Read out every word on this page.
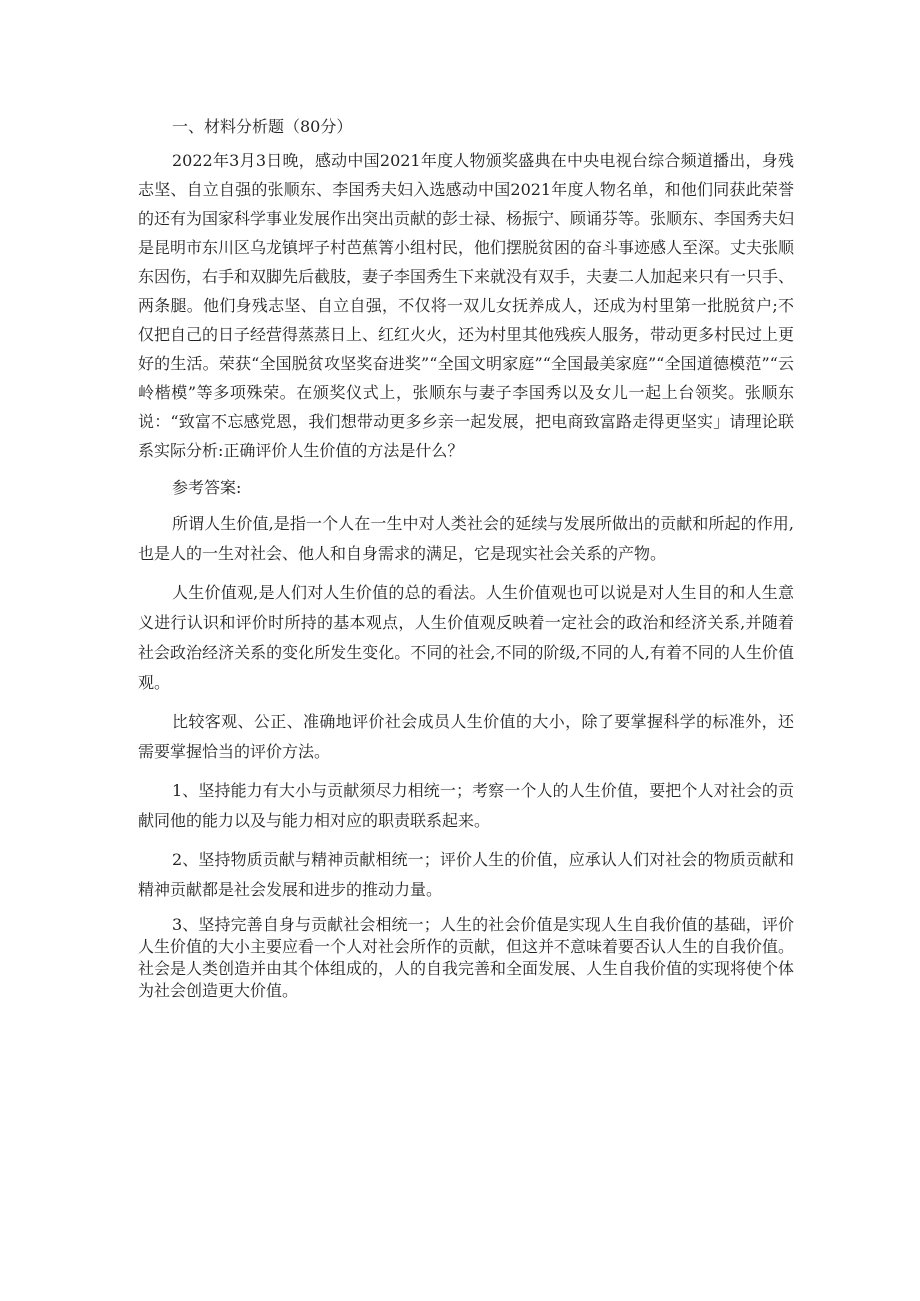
一、材料分析题（80分）

2022年3月3日晚，感动中国2021年度人物颁奖盛典在中央电视台综合频道播出，身残志坚、自立自强的张顺东、李国秀夫妇入选感动中国2021年度人物名单，和他们同获此荣誉的还有为国家科学事业发展作出突出贡献的彭士禄、杨振宁、顾诵芬等。张顺东、李国秀夫妇是昆明市东川区乌龙镇坪子村芭蕉箐小组村民，他们摆脱贫困的奋斗事迹感人至深。丈夫张顺东因伤，右手和双脚先后截肢，妻子李国秀生下来就没有双手，夫妻二人加起来只有一只手、两条腿。他们身残志坚、自立自强，不仅将一双儿女抚养成人，还成为村里第一批脱贫户;不仅把自己的日子经营得蒸蒸日上、红红火火，还为村里其他残疾人服务，带动更多村民过上更好的生活。荣获“全国脱贫攻坚奖奋进奖”“全国文明家庭”“全国最美家庭”“全国道德模范”“云岭楷模”等多项殊荣。在颁奖仪式上，张顺东与妻子李国秀以及女儿一起上台领奖。张顺东说：“致富不忘感党恩，我们想带动更多乡亲一起发展，把电商致富路走得更坚实」请理论联系实际分析:正确评价人生价值的方法是什么？

参考答案:

所谓人生价值,是指一个人在一生中对人类社会的延续与发展所做出的贡献和所起的作用,也是人的一生对社会、他人和自身需求的满足，它是现实社会关系的产物。

人生价值观,是人们对人生价值的总的看法。人生价值观也可以说是对人生目的和人生意义进行认识和评价时所持的基本观点，人生价值观反映着一定社会的政治和经济关系,并随着社会政治经济关系的变化所发生变化。不同的社会,不同的阶级,不同的人,有着不同的人生价值观。

比较客观、公正、准确地评价社会成员人生价值的大小，除了要掌握科学的标准外，还需要掌握恰当的评价方法。

1、坚持能力有大小与贡献须尽力相统一；考察一个人的人生价值，要把个人对社会的贡献同他的能力以及与能力相对应的职责联系起来。

2、坚持物质贡献与精神贡献相统一；评价人生的价值，应承认人们对社会的物质贡献和精神贡献都是社会发展和进步的推动力量。

3、坚持完善自身与贡献社会相统一；人生的社会价值是实现人生自我价值的基础，评价人生价值的大小主要应看一个人对社会所作的贡献，但这并不意味着要否认人生的自我价值。社会是人类创造并由其个体组成的，人的自我完善和全面发展、人生自我价值的实现将使个体为社会创造更大价值。
